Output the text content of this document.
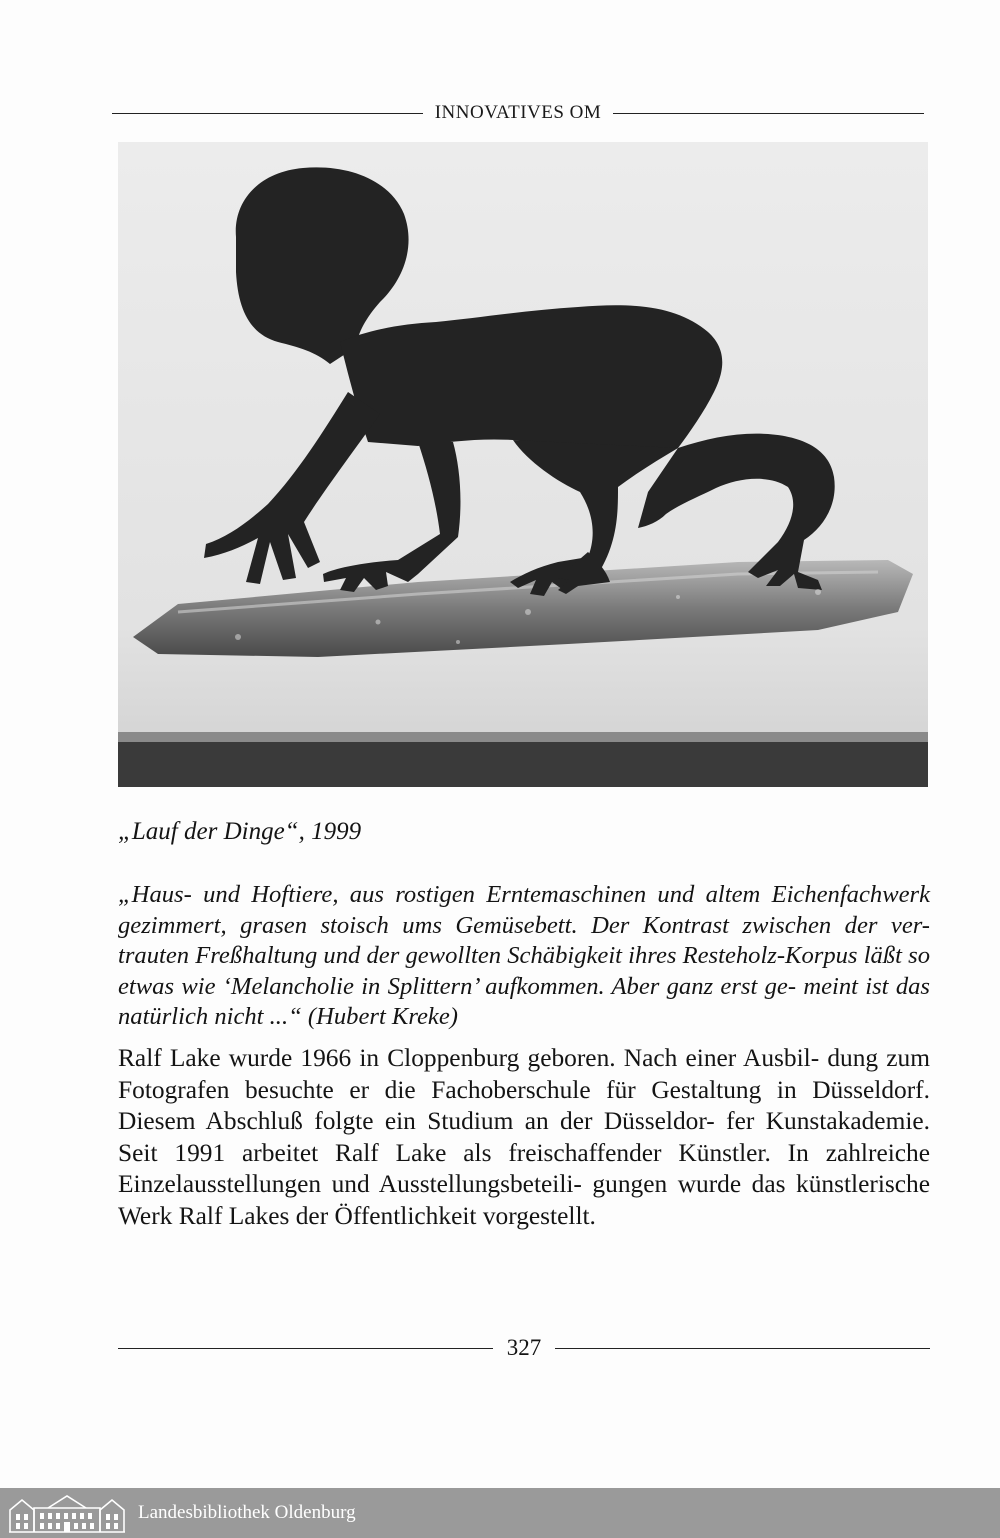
INNOVATIVES OM
„Lauf der Dinge“, 1999

„Haus- und Hoftiere, aus rostigen Erntemaschinen und altem Eichenfachwerk gezimmert, grasen stoisch ums Gemüsebett. Der Kontrast zwischen der ver- trauten Freßhaltung und der gewollten Schäbigkeit ihres Resteholz-Korpus läßt so etwas wie ‘Melancholie in Splittern’ aufkommen. Aber ganz erst ge- meint ist das natürlich nicht ...“ (Hubert Kreke)

Ralf Lake wurde 1966 in Cloppenburg geboren. Nach einer Ausbil- dung zum Fotografen besuchte er die Fachoberschule für Gestaltung in Düsseldorf. Diesem Abschluß folgte ein Studium an der Düsseldor- fer Kunstakademie. Seit 1991 arbeitet Ralf Lake als freischaffender Künstler. In zahlreiche Einzelausstellungen und Ausstellungsbeteili- gungen wurde das künstlerische Werk Ralf Lakes der Öffentlichkeit vorgestellt.

327
Landesbibliothek Oldenburg
